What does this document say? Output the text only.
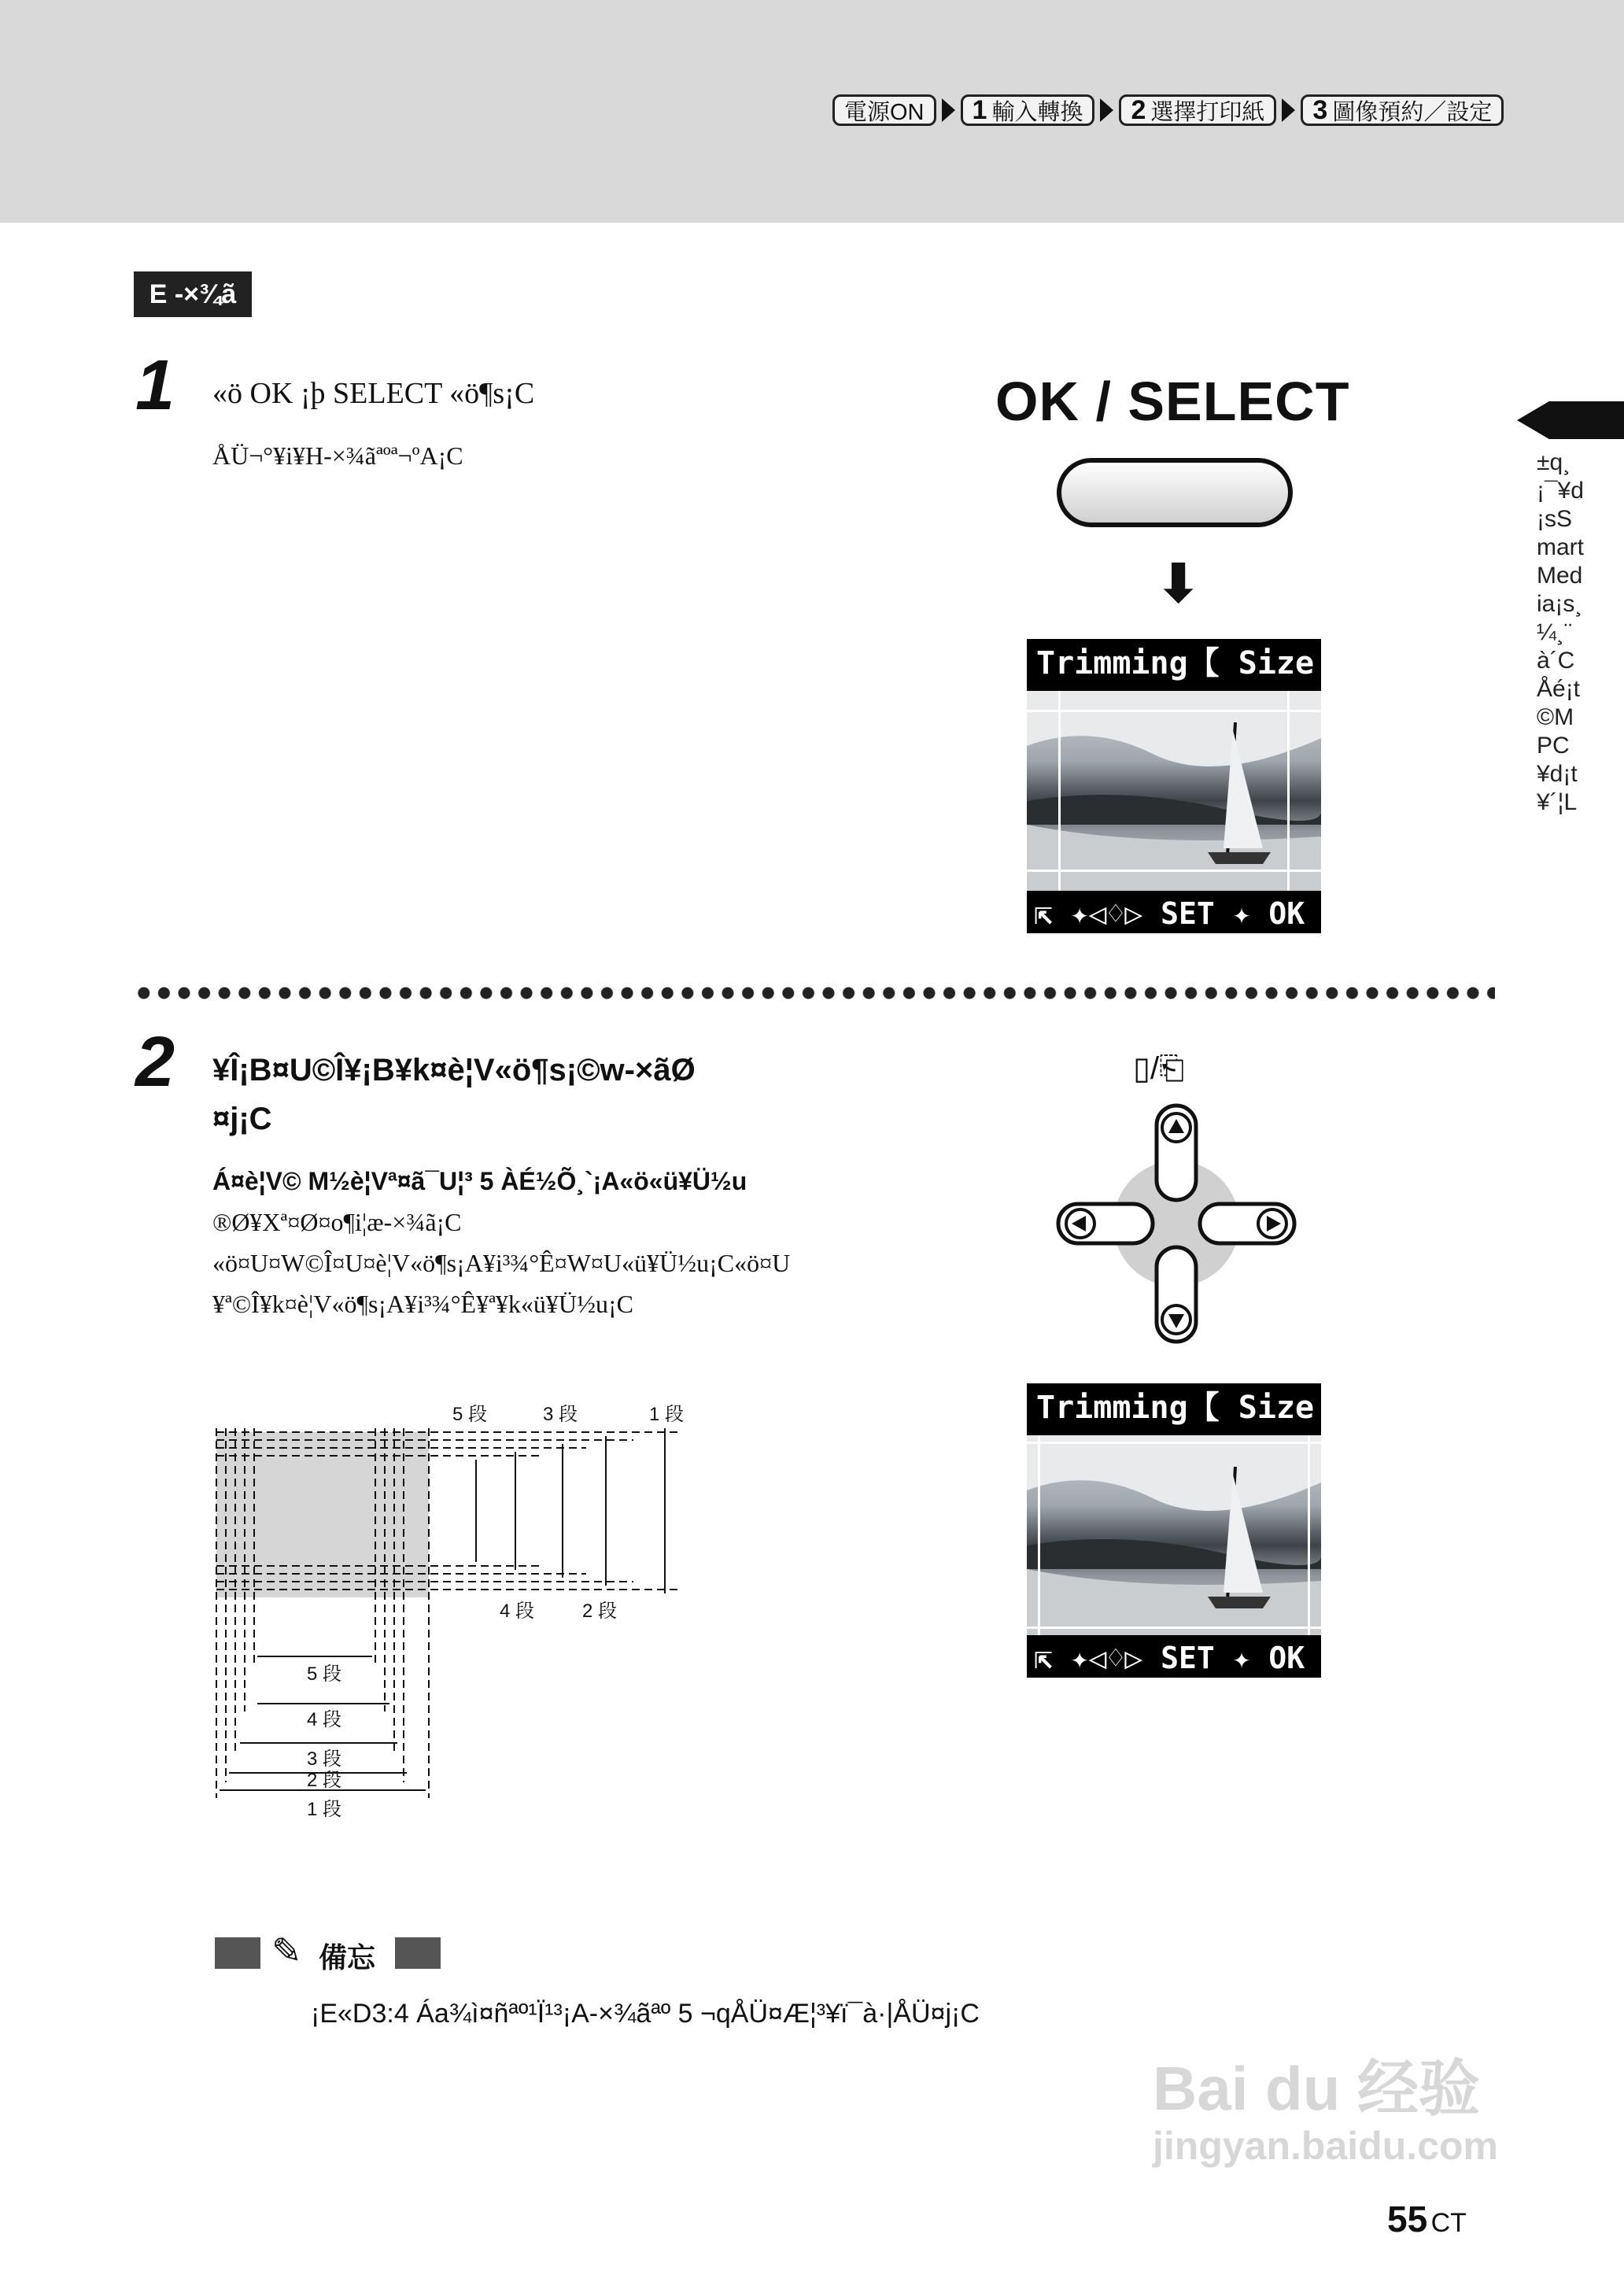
電源ON 1 輸入轉換 2 選擇打印紙 3 圖像預約／設定
E -×¾ã
±q¸¡¯¥d¡sSmart Media¡s¸¼¸¨à´CÅé¡t©M PC¥d¡t¥´¦L
1 «ö OK ¡þ SELECT «ö¶s¡C
ÅÜ¬°¥i¥H-×¾ãªºª¬ºA¡C
OK / SELECT
⬇
Trimming【 Size 】
⇱ ✦◁♢▷ SET ✦ OK
2 ¥Î¡B¤U©Î¥¡B¥k¤è¦V«ö¶s¡©w-×ãØ
¤j¡C
Á¤è¦V© M½è¦Vª¤ã¯U¦³ 5 ÀÉ½Õ¸`¡A«ö«ü¥Ü½u
®Ø¥Xª¤Ø¤o¶i¦æ-×¾ã¡C
«ö¤U¤W©Î¤U¤è¦V«ö¶s¡A¥i³¾°Ê¤W¤U«ü¥Ü½u¡C«ö¤U
¥ª©Î¥k¤è¦V«ö¶s¡A¥i³¾°Ê¥ª¥k«ü¥Ü½u¡C
▯/⎗
Trimming【 Size 】
⇱ ✦◁♢▷ SET ✦ OK
5 段	3 段	1 段
4 段	2 段
5 段
4 段
3 段
2 段
1 段
✎ 備忘
¡E«D3:4 Áa¾ì¤ñªº¹Ï¹³¡A-×¾ãªº 5 ¬qÅÜ¤Æ¦³¥ï¯à·|ÅÜ¤j¡C
Bai du 经验
jingyan.baidu.com
55 CT
